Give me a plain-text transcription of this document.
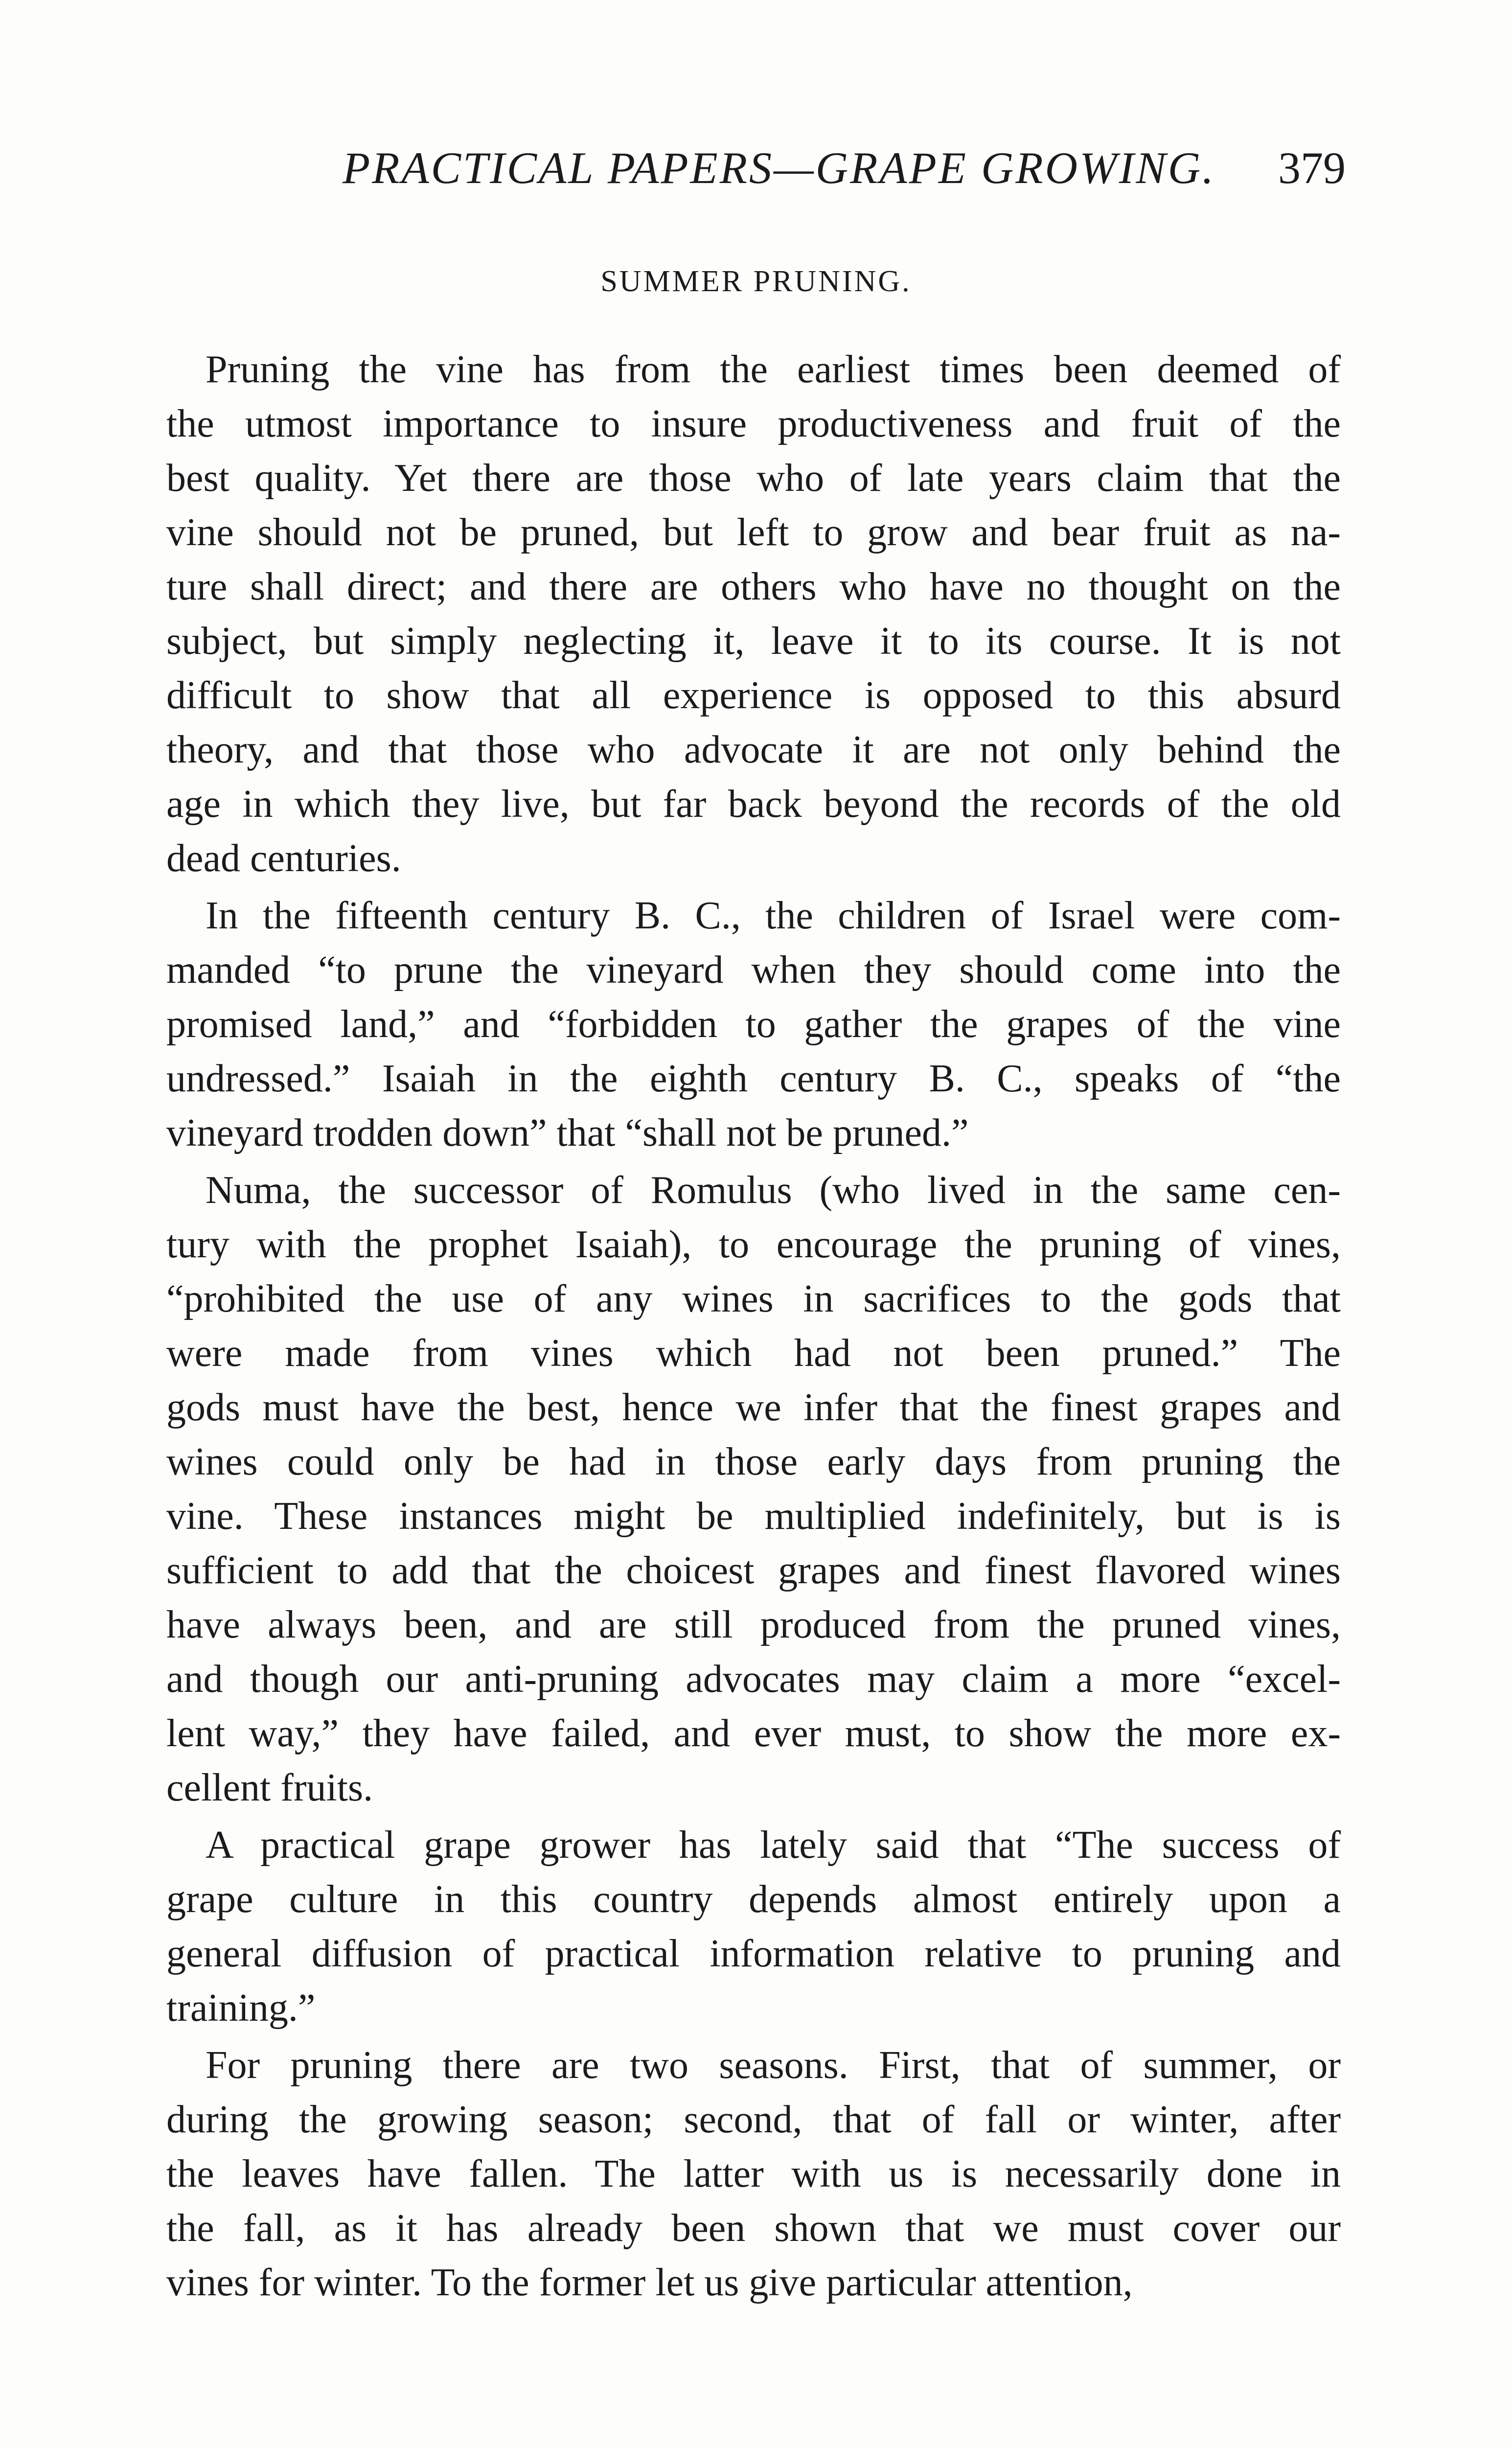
PRACTICAL PAPERS—GRAPE GROWING. 379
SUMMER PRUNING.
Pruning the vine has from the earliest times been deemed of
the utmost importance to insure productiveness and fruit of the
best quality. Yet there are those who of late years claim that the
vine should not be pruned, but left to grow and bear fruit as na-
ture shall direct; and there are others who have no thought on the
subject, but simply neglecting it, leave it to its course. It is not
difficult to show that all experience is opposed to this absurd
theory, and that those who advocate it are not only behind the
age in which they live, but far back beyond the records of the old
dead centuries.
In the fifteenth century B. C., the children of Israel were com-
manded “to prune the vineyard when they should come into the
promised land,” and “forbidden to gather the grapes of the vine
undressed.” Isaiah in the eighth century B. C., speaks of “the
vineyard trodden down” that “shall not be pruned.”
Numa, the successor of Romulus (who lived in the same cen-
tury with the prophet Isaiah), to encourage the pruning of vines,
“prohibited the use of any wines in sacrifices to the gods that
were made from vines which had not been pruned.” The
gods must have the best, hence we infer that the finest grapes and
wines could only be had in those early days from pruning the
vine. These instances might be multiplied indefinitely, but is is
sufficient to add that the choicest grapes and finest flavored wines
have always been, and are still produced from the pruned vines,
and though our anti-pruning advocates may claim a more “excel-
lent way,” they have failed, and ever must, to show the more ex-
cellent fruits.
A practical grape grower has lately said that “The success of
grape culture in this country depends almost entirely upon a
general diffusion of practical information relative to pruning and
training.”
For pruning there are two seasons. First, that of summer, or
during the growing season; second, that of fall or winter, after
the leaves have fallen. The latter with us is necessarily done in
the fall, as it has already been shown that we must cover our
vines for winter. To the former let us give particular attention,
